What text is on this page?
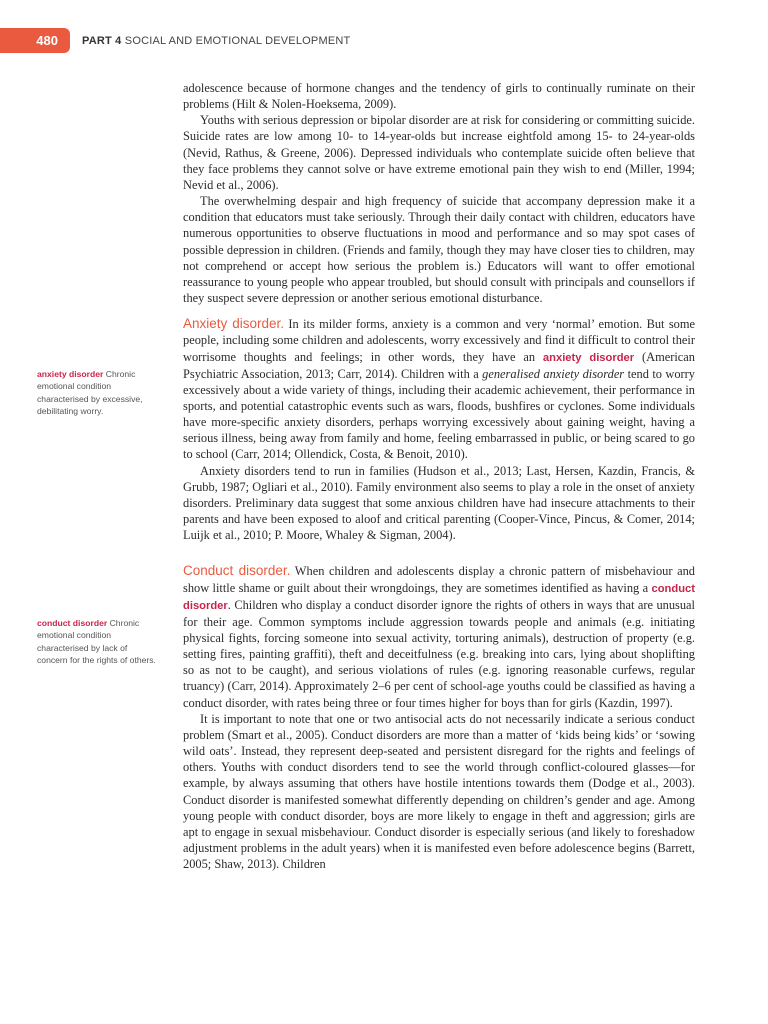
480	PART 4 SOCIAL AND EMOTIONAL DEVELOPMENT
anxiety disorder Chronic emotional condition characterised by excessive, debilitating worry.
conduct disorder Chronic emotional condition characterised by lack of concern for the rights of others.

adolescence because of hormone changes and the tendency of girls to continually ruminate on their problems (Hilt & Nolen-Hoeksema, 2009).

Youths with serious depression or bipolar disorder are at risk for considering or committing suicide. Suicide rates are low among 10- to 14-year-olds but increase eightfold among 15- to 24-year-olds (Nevid, Rathus, & Greene, 2006). Depressed individuals who contemplate suicide often believe that they face problems they cannot solve or have extreme emotional pain they wish to end (Miller, 1994; Nevid et al., 2006).

The overwhelming despair and high frequency of suicide that accompany depression make it a condition that educators must take seriously. Through their daily contact with children, educators have numerous opportunities to observe fluctuations in mood and performance and so may spot cases of possible depression in children. (Friends and family, though they may have closer ties to children, may not comprehend or accept how serious the problem is.) Educators will want to offer emotional reassurance to young people who appear troubled, but should consult with principals and counsellors if they suspect severe depression or another serious emotional disturbance.

Anxiety disorder. In its milder forms, anxiety is a common and very ‘normal’ emotion. But some people, including some children and adolescents, worry excessively and find it difficult to control their worrisome thoughts and feelings; in other words, they have an anxiety disorder (American Psychiatric Association, 2013; Carr, 2014). Children with a generalised anxiety disorder tend to worry excessively about a wide variety of things, including their academic achievement, their performance in sports, and potential catastrophic events such as wars, floods, bushfires or cyclones. Some individuals have more-specific anxiety disorders, perhaps worrying excessively about gaining weight, having a serious illness, being away from family and home, feeling embarrassed in public, or being scared to go to school (Carr, 2014; Ollendick, Costa, & Benoit, 2010).

Anxiety disorders tend to run in families (Hudson et al., 2013; Last, Hersen, Kazdin, Francis, & Grubb, 1987; Ogliari et al., 2010). Family environment also seems to play a role in the onset of anxiety disorders. Preliminary data suggest that some anxious children have had insecure attachments to their parents and have been exposed to aloof and critical parenting (Cooper-Vince, Pincus, & Comer, 2014; Luijk et al., 2010; P. Moore, Whaley & Sigman, 2004).

Conduct disorder. When children and adolescents display a chronic pattern of misbehaviour and show little shame or guilt about their wrongdoings, they are sometimes identified as having a conduct disorder. Children who display a conduct disorder ignore the rights of others in ways that are unusual for their age. Common symptoms include aggression towards people and animals (e.g. initiating physical fights, forcing someone into sexual activity, torturing animals), destruction of property (e.g. setting fires, painting graffiti), theft and deceitfulness (e.g. breaking into cars, lying about shoplifting so as not to be caught), and serious violations of rules (e.g. ignoring reasonable curfews, regular truancy) (Carr, 2014). Approximately 2–6 per cent of school-age youths could be classified as having a conduct disorder, with rates being three or four times higher for boys than for girls (Kazdin, 1997).

It is important to note that one or two antisocial acts do not necessarily indicate a serious conduct problem (Smart et al., 2005). Conduct disorders are more than a matter of ‘kids being kids’ or ‘sowing wild oats’. Instead, they represent deep-seated and persistent disregard for the rights and feelings of others. Youths with conduct disorders tend to see the world through conflict-coloured glasses—for example, by always assuming that others have hostile intentions towards them (Dodge et al., 2003). Conduct disorder is manifested somewhat differently depending on children’s gender and age. Among young people with conduct disorder, boys are more likely to engage in theft and aggression; girls are apt to engage in sexual misbehaviour. Conduct disorder is especially serious (and likely to foreshadow adjustment problems in the adult years) when it is manifested even before adolescence begins (Barrett, 2005; Shaw, 2013). Children
